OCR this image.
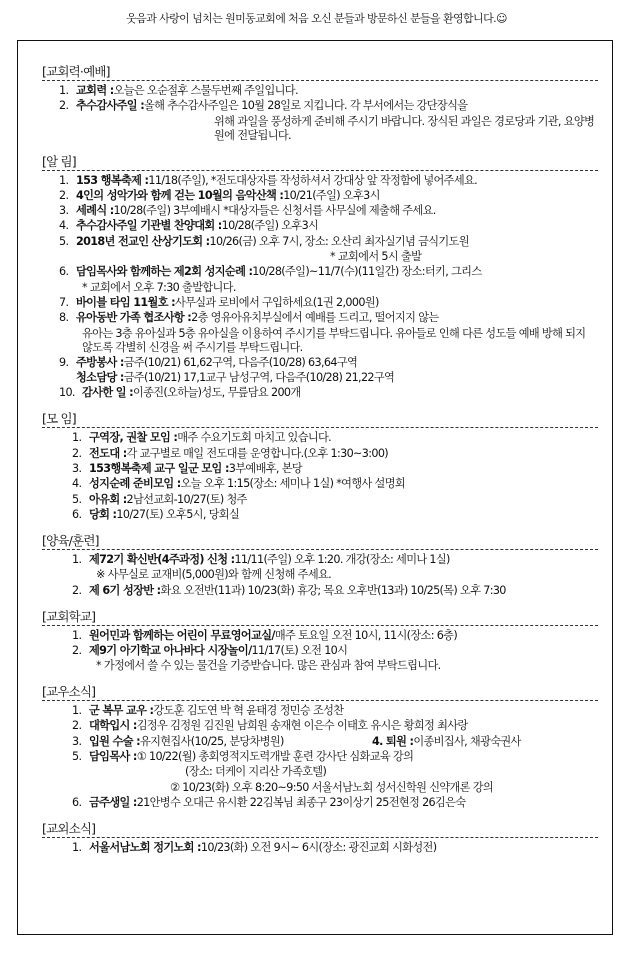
웃음과 사랑이 넘치는 원미동교회에 처음 오신 분들과 방문하신 분들을 환영합니다.☺
[교회력·예배]
1. 교회력 : 오늘은 오순절후 스물두번째 주일입니다.
2. 추수감사주일 : 올해 추수감사주일은 10월 28일로 지킵니다. 각 부서에서는 강단장식을
위해 과일을 풍성하게 준비해 주시기 바랍니다. 장식된 과일은 경로당과 기관, 요양병원에 전달됩니다.
[알 림]
1. 153 행복축제 : 11/18(주일), *전도대상자를 작성하셔서 강대상 앞 작정함에 넣어주세요.
2. 4인의 성악가와 함께 걷는 10월의 음악산책 : 10/21(주일) 오후3시
3. 세례식 : 10/28(주일) 3부예배시 *대상자들은 신청서를 사무실에 제출해 주세요.
4. 추수감사주일 기관별 찬양대회 : 10/28(주일) 오후3시
5. 2018년 전교인 산상기도회 : 10/26(금) 오후 7시, 장소: 오산리 최자실기념 금식기도원
* 교회에서 5시 출발
6. 담임목사와 함께하는 제2회 성지순례 : 10/28(주일)~11/7(수)(11일간) 장소:터키, 그리스
* 교회에서 오후 7:30 출발합니다.
7. 바이블 타임 11월호 : 사무실과 로비에서 구입하세요(1권 2,000원)
8. 유아동반 가족 협조사항 : 2층 영유아유치부실에서 예배를 드리고, 떨어지지 않는
유아는 3층 유아실과 5층 유아실을 이용하여 주시기를 부탁드립니다. 유아들로 인해 다른 성도들 예배 방해 되지 않도록 각별히 신경을 써 주시기를 부탁드립니다.
9. 주방봉사 : 금주(10/21) 61,62구역, 다음주(10/28) 63,64구역
청소담당 : 금주(10/21) 17,1교구 남성구역, 다음주(10/28) 21,22구역
10. 감사한 일 : 이종진(오하늘)성도, 무릎담요 200개
[모 임]
1. 구역장, 권찰 모임 : 매주 수요기도회 마치고 있습니다.
2. 전도대 : 각 교구별로 매일 전도대를 운영합니다.(오후 1:30~3:00)
3. 153행복축제 교구 일군 모임 : 3부예배후, 본당
4. 성지순례 준비모임 : 오늘 오후 1:15(장소: 세미나 1실) *여행사 설명회
5. 아유회 : 2남선교회-10/27(토) 청주
6. 당회 : 10/27(토) 오후5시, 당회실
[양육/훈련]
1. 제72기 확신반(4주과정) 신청 : 11/11(주일) 오후 1:20. 개강(장소: 세미나 1실)
※ 사무실로 교재비(5,000원)와 함께 신청해 주세요.
2. 제 6기 성장반 : 화요 오전반(11과) 10/23(화) 휴강; 목요 오후반(13과) 10/25(목) 오후 7:30
[교회학교]
1. 원어민과 함께하는 어린이 무료영어교실/ 매주 토요일 오전 10시, 11시(장소: 6층)
2. 제9기 아기학교 아나바다 시장놀이/ 11/17(토) 오전 10시
* 가정에서 쓸 수 있는 물건을 기증받습니다. 많은 관심과 참여 부탁드립니다.
[교우소식]
1. 군 복무 교우 : 강도훈 김도연 박 혁 윤태경 정민승 조성찬
2. 대학입시 : 김정우 김정원 김진원 남희원 송재현 이은수 이태호 유시은 황희정 최사랑
3. 입원 수술 : 유지현집사(10/25, 분당차병원)	4. 퇴원 : 이종비집사, 채광숙권사
5. 담임목사 : ① 10/22(월) 총회영적지도력개발 훈련 강사단 심화교육 강의
(장소: 더케이 지리산 가족호텔)
② 10/23(화) 오후 8:20~9:50 서울서남노회 성서신학원 신약개론 강의
6. 금주생일 : 21안병수 오대근 유시환 22김복님 최종구 23이상기 25전현정 26김은숙
[교외소식]
1. 서울서남노회 정기노회 : 10/23(화) 오전 9시~ 6시(장소: 광진교회 시화성전)
